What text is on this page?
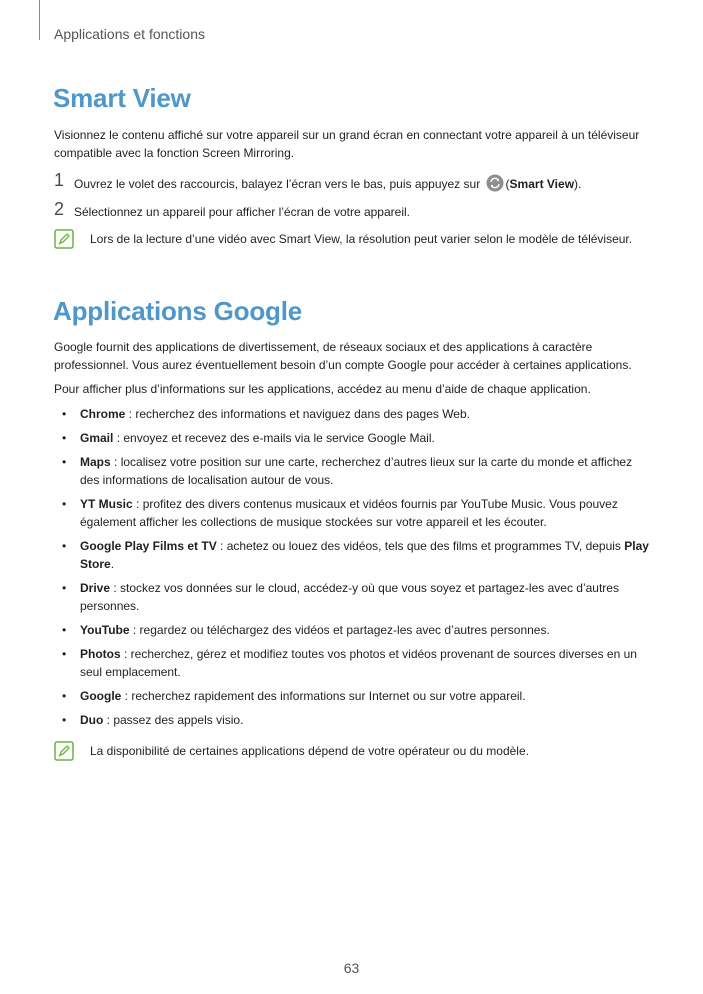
Applications et fonctions
Smart View

Visionnez le contenu affiché sur votre appareil sur un grand écran en connectant votre appareil à un téléviseur compatible avec la fonction Screen Mirroring.

1 Ouvrez le volet des raccourcis, balayez l’écran vers le bas, puis appuyez sur (Smart View).
2 Sélectionnez un appareil pour afficher l’écran de votre appareil.
Lors de la lecture d’une vidéo avec Smart View, la résolution peut varier selon le modèle de téléviseur.
Applications Google

Google fournit des applications de divertissement, de réseaux sociaux et des applications à caractère professionnel. Vous aurez éventuellement besoin d’un compte Google pour accéder à certaines applications.

Pour afficher plus d’informations sur les applications, accédez au menu d’aide de chaque application.

• Chrome : recherchez des informations et naviguez dans des pages Web.
• Gmail : envoyez et recevez des e-mails via le service Google Mail.
• Maps : localisez votre position sur une carte, recherchez d’autres lieux sur la carte du monde et affichez des informations de localisation autour de vous.
• YT Music : profitez des divers contenus musicaux et vidéos fournis par YouTube Music. Vous pouvez également afficher les collections de musique stockées sur votre appareil et les écouter.
• Google Play Films et TV : achetez ou louez des vidéos, tels que des films et programmes TV, depuis Play Store.
• Drive : stockez vos données sur le cloud, accédez-y où que vous soyez et partagez-les avec d’autres personnes.
• YouTube : regardez ou téléchargez des vidéos et partagez-les avec d’autres personnes.
• Photos : recherchez, gérez et modifiez toutes vos photos et vidéos provenant de sources diverses en un seul emplacement.
• Google : recherchez rapidement des informations sur Internet ou sur votre appareil.
• Duo : passez des appels visio.
La disponibilité de certaines applications dépend de votre opérateur ou du modèle.
63
